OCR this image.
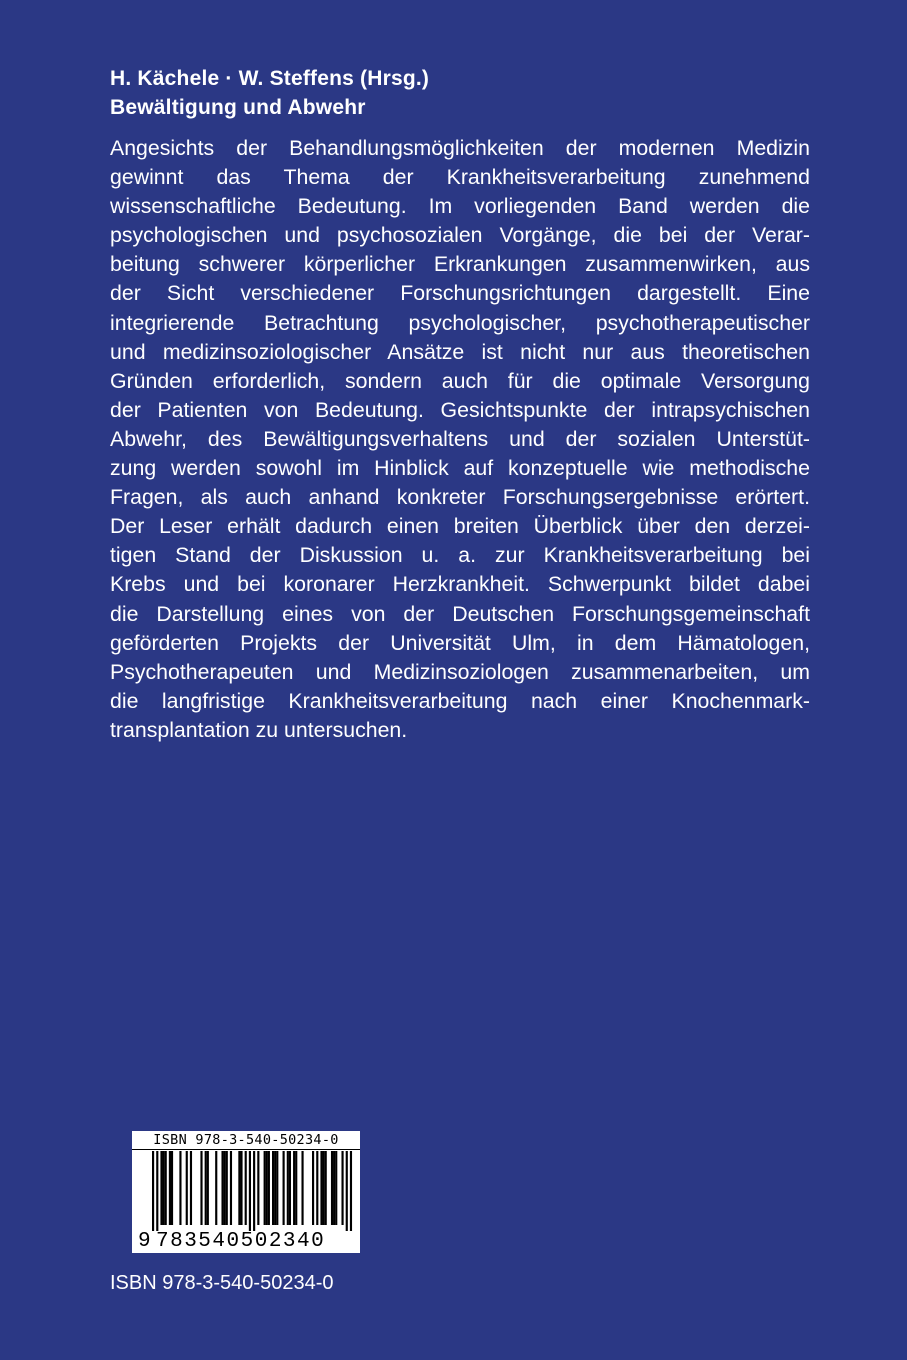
H. Kächele · W. Steffens (Hrsg.)
Bewältigung und Abwehr
Angesichts der Behandlungsmöglichkeiten der modernen Medizin
gewinnt das Thema der Krankheitsverarbeitung zunehmend
wissenschaftliche Bedeutung. Im vorliegenden Band werden die
psychologischen und psychosozialen Vorgänge, die bei der Verar-
beitung schwerer körperlicher Erkrankungen zusammenwirken, aus
der Sicht verschiedener Forschungsrichtungen dargestellt. Eine
integrierende Betrachtung psychologischer, psychotherapeutischer
und medizinsoziologischer Ansätze ist nicht nur aus theoretischen
Gründen erforderlich, sondern auch für die optimale Versorgung
der Patienten von Bedeutung. Gesichtspunkte der intrapsychischen
Abwehr, des Bewältigungsverhaltens und der sozialen Unterstüt-
zung werden sowohl im Hinblick auf konzeptuelle wie methodische
Fragen, als auch anhand konkreter Forschungsergebnisse erörtert.
Der Leser erhält dadurch einen breiten Überblick über den derzei-
tigen Stand der Diskussion u. a. zur Krankheitsverarbeitung bei
Krebs und bei koronarer Herzkrankheit. Schwerpunkt bildet dabei
die Darstellung eines von der Deutschen Forschungsgemeinschaft
geförderten Projekts der Universität Ulm, in dem Hämatologen,
Psychotherapeuten und Medizinsoziologen zusammenarbeiten, um
die langfristige Krankheitsverarbeitung nach einer Knochenmark-
transplantation zu untersuchen.
ISBN 978-3-540-50234-0
9 783540502340
ISBN 978-3-540-50234-0
